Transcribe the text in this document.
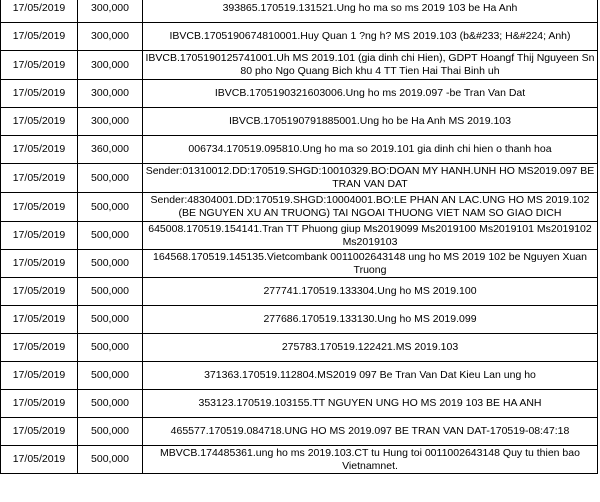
17/05/2019	300,000	393865.170519.131521.Ung ho ma so ms 2019 103 be Ha Anh
17/05/2019	300,000	IBVCB.1705190674810001.Huy Quan 1 ?ng h? MS 2019.103 (b&#233; H&#224; Anh)
17/05/2019	300,000	IBVCB.1705190125741001.Uh MS 2019.101 (gia dinh chi Hien), GDPT Hoangf Thij Nguyeen Sn 80 pho Ngo Quang Bich khu 4 TT Tien Hai Thai Binh uh
17/05/2019	300,000	IBVCB.1705190321603006.Ung ho ms 2019.097 -be Tran Van Dat
17/05/2019	300,000	IBVCB.1705190791885001.Ung ho be Ha Anh MS 2019.103
17/05/2019	360,000	006734.170519.095810.Ung ho ma so 2019.101 gia dinh chi hien o thanh hoa
17/05/2019	500,000	Sender:01310012.DD:170519.SHGD:10010329.BO:DOAN MY HANH.UNH HO MS2019.097 BE TRAN VAN DAT
17/05/2019	500,000	Sender:48304001.DD:170519.SHGD:10004001.BO:LE PHAN AN LAC.UNG HO MS 2019.102 (BE NGUYEN XU AN TRUONG) TAI NGOAI THUONG VIET NAM SO GIAO DICH
17/05/2019	500,000	645008.170519.154141.Tran TT Phuong giup Ms2019099 Ms2019100 Ms2019101 Ms2019102 Ms2019103
17/05/2019	500,000	164568.170519.145135.Vietcombank 0011002643148 ung ho MS 2019 102 be Nguyen Xuan Truong
17/05/2019	500,000	277741.170519.133304.Ung ho MS 2019.100
17/05/2019	500,000	277686.170519.133130.Ung ho MS 2019.099
17/05/2019	500,000	275783.170519.122421.MS 2019.103
17/05/2019	500,000	371363.170519.112804.MS2019 097 Be Tran Van Dat Kieu Lan ung ho
17/05/2019	500,000	353123.170519.103155.TT NGUYEN UNG HO MS 2019 103 BE HA ANH
17/05/2019	500,000	465577.170519.084718.UNG HO MS 2019.097 BE TRAN VAN DAT-170519-08:47:18
17/05/2019	500,000	MBVCB.174485361.ung ho ms 2019.103.CT tu Hung toi 0011002643148 Quy tu thien bao Vietnamnet.
